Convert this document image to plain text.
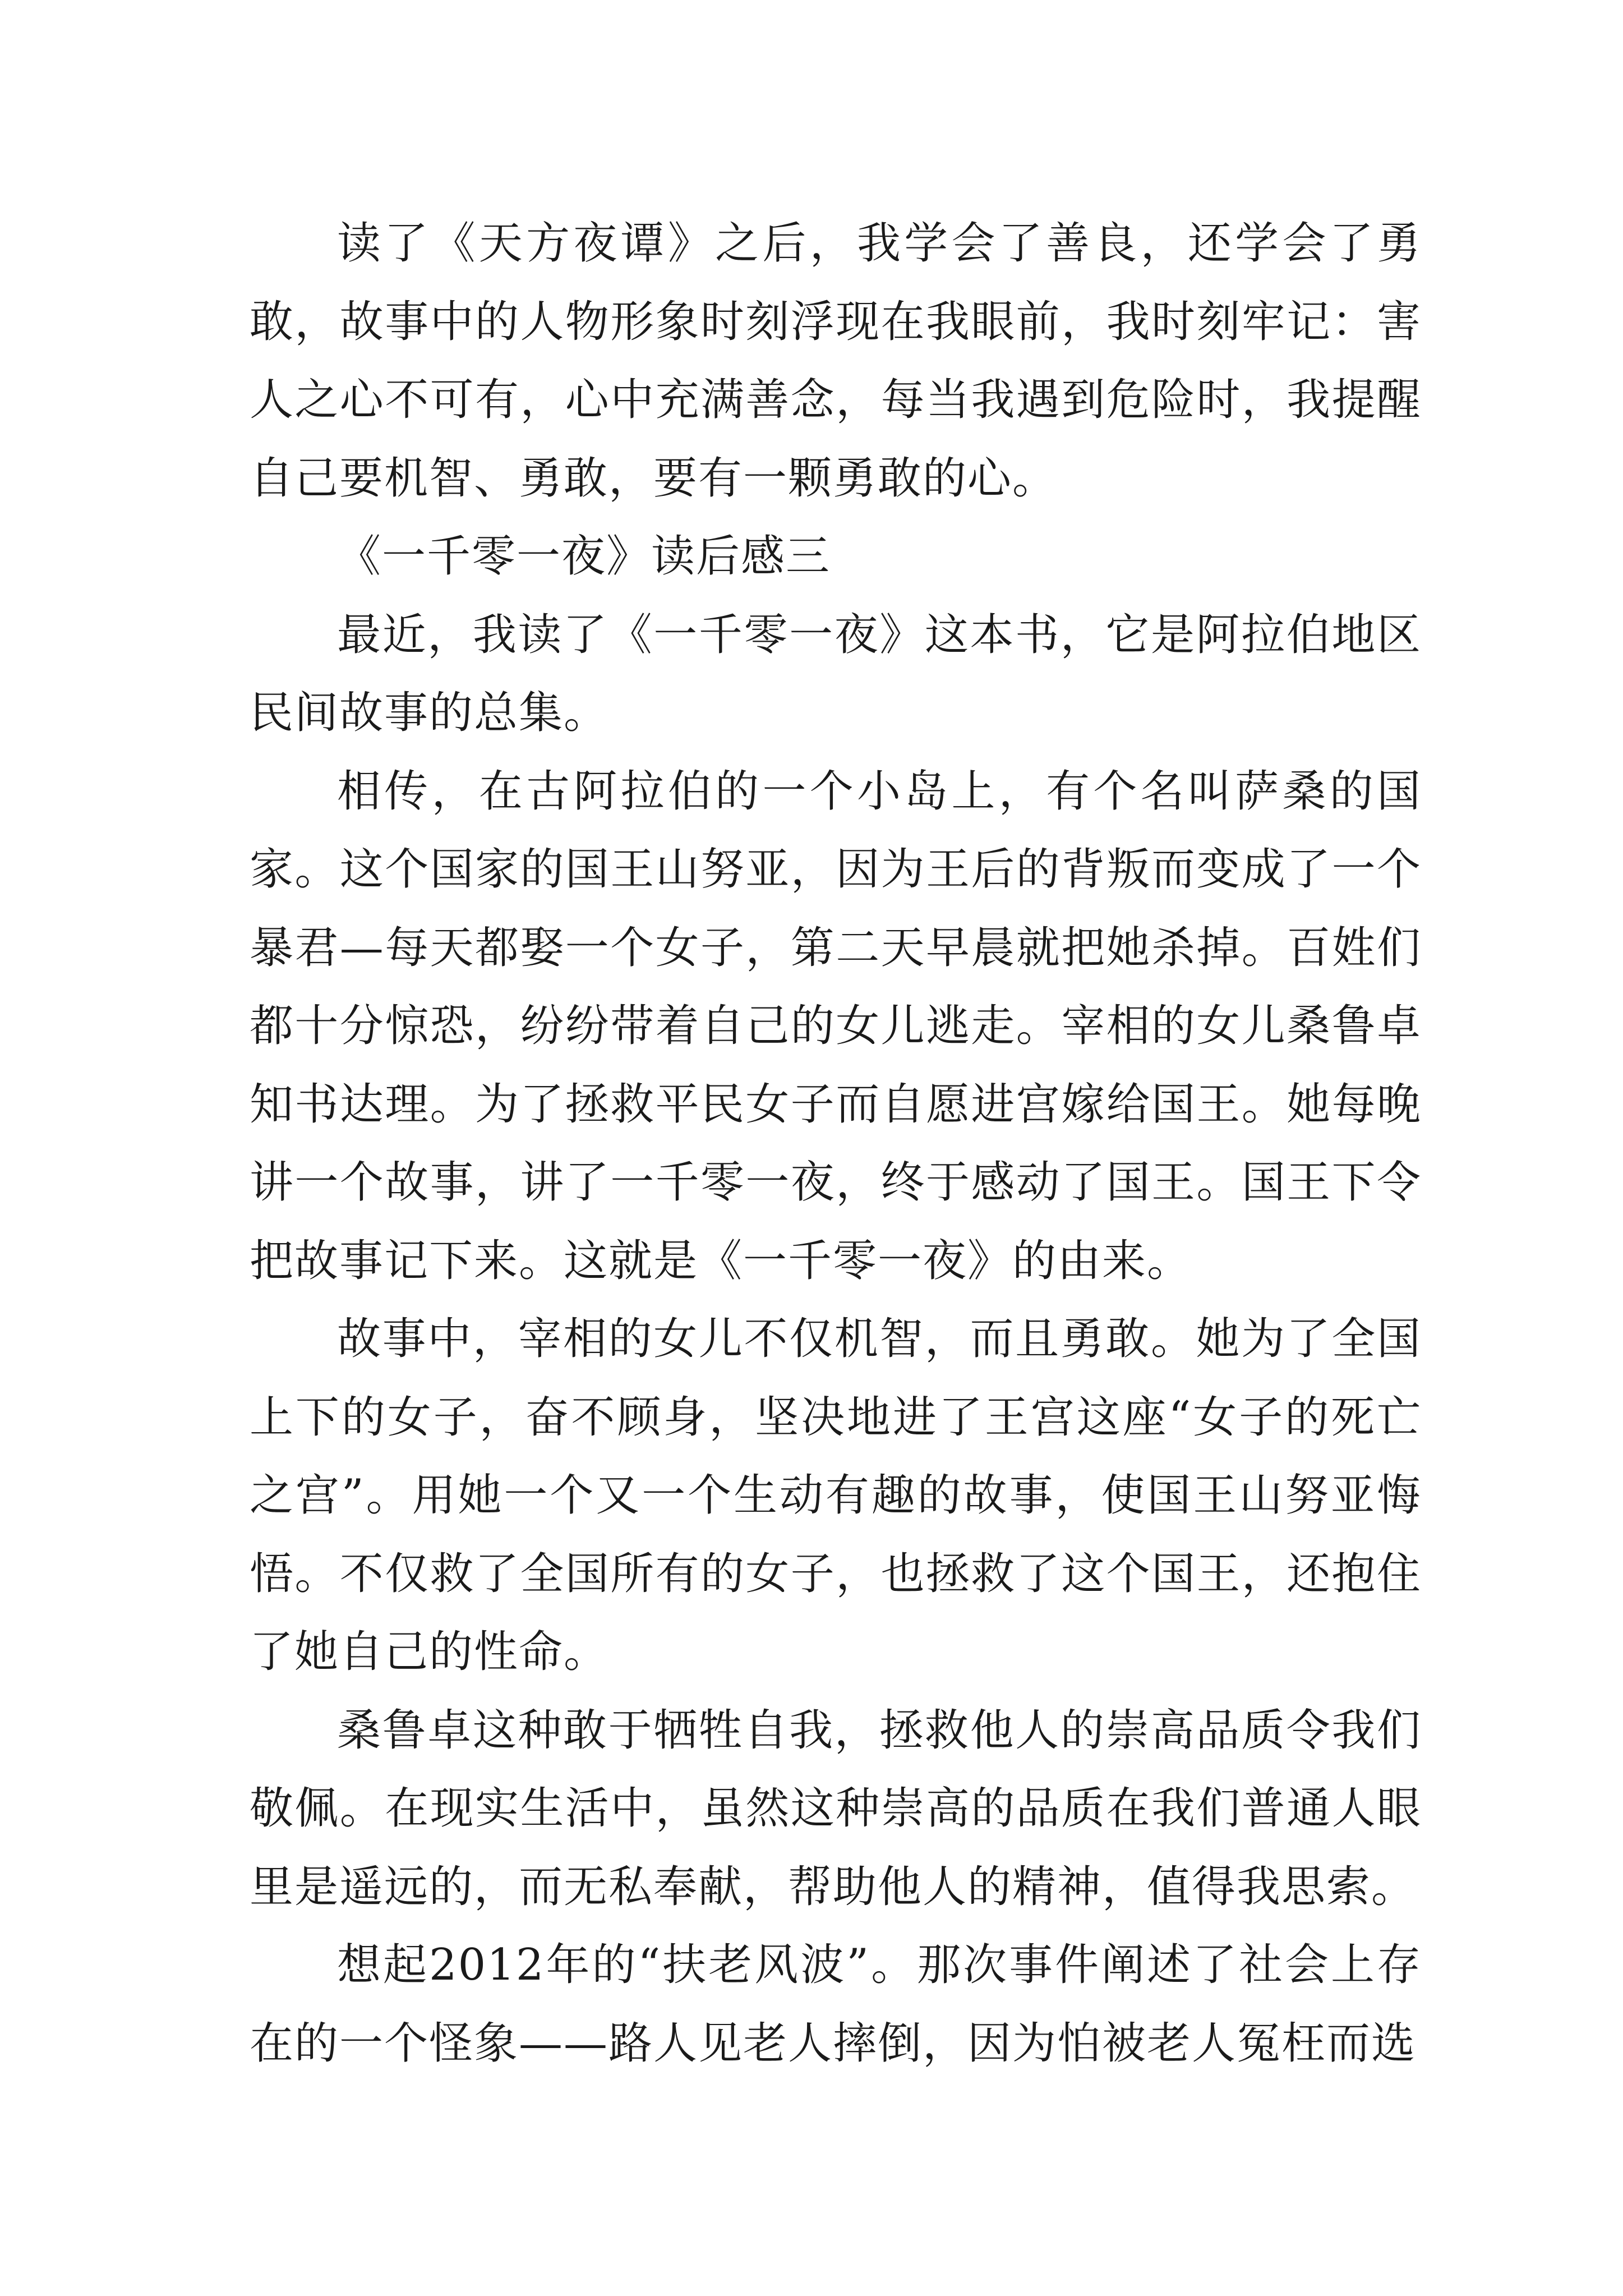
读了《天方夜谭》之后，我学会了善良，还学会了勇敢，故事中的人物形象时刻浮现在我眼前，我时刻牢记：害人之心不可有，心中充满善念，每当我遇到危险时，我提醒自己要机智、勇敢，要有一颗勇敢的心。

《一千零一夜》读后感三

最近，我读了《一千零一夜》这本书，它是阿拉伯地区民间故事的总集。

相传，在古阿拉伯的一个小岛上，有个名叫萨桑的国家。这个国家的国王山努亚，因为王后的背叛而变成了一个暴君—每天都娶一个女子，第二天早晨就把她杀掉。百姓们都十分惊恐，纷纷带着自己的女儿逃走。宰相的女儿桑鲁卓知书达理。为了拯救平民女子而自愿进宫嫁给国王。她每晚讲一个故事，讲了一千零一夜，终于感动了国王。国王下令把故事记下来。这就是《一千零一夜》的由来。

故事中，宰相的女儿不仅机智，而且勇敢。她为了全国上下的女子，奋不顾身，坚决地进了王宫这座“女子的死亡之宫”。用她一个又一个生动有趣的故事，使国王山努亚悔悟。不仅救了全国所有的女子，也拯救了这个国王，还抱住了她自己的性命。

桑鲁卓这种敢于牺牲自我，拯救他人的崇高品质令我们敬佩。在现实生活中，虽然这种崇高的品质在我们普通人眼里是遥远的，而无私奉献，帮助他人的精神，值得我思索。

想起2012年的“扶老风波”。那次事件阐述了社会上存在的一个怪象——路人见老人摔倒，因为怕被老人冤枉而选
